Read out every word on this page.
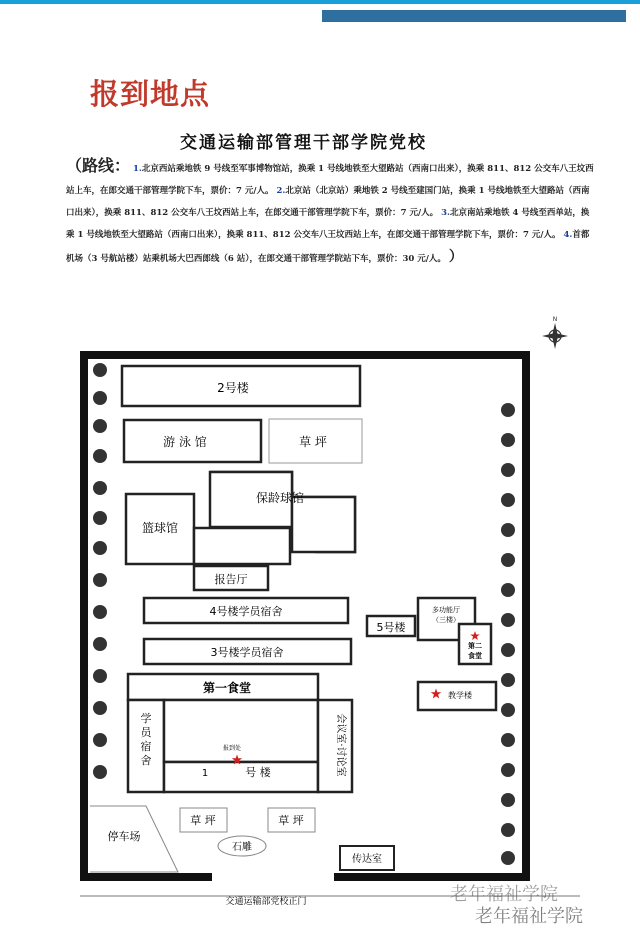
报到地点
交通运输部管理干部学院党校
（路线： 1.北京西站乘地铁 9 号线至军事博物馆站，换乘 1 号线地铁至大望路站（西南口出来），换乘 811、812 公交车八王坟西站上车，在郎交通干部管理学院下车，票价：7 元/人。 2.北京站（北京站）乘地铁 2 号线至建国门站，换乘 1 号线地铁至大望路站（西南口出来），换乘 811、812 公交车八王坟西站上车，在郎交通干部管理学院下车，票价：7 元/人。 3.北京南站乘地铁 4 号线至西单站，换乘 1 号线地铁至大望路站（西南口出来），换乘 811、812 公交车八王坟西站上车，在郎交通干部管理学院下车，票价：7 元/人。 4.首都机场（3 号航站楼）站乘机场大巴西郎线（6 站），在郎交通干部管理学院站下车，票价：30 元/人。 ）
N
2号楼
游 泳 馆	草 坪
保龄球馆
篮球馆
报告厅
4号楼学员宿舍
3号楼学员宿舍
5号楼
多功能厅
（三楼）
第二
食堂
教学楼
第一食堂
学
员
宿
舍
报到处
1	号 楼	会议室·讨论室
草 坪	草 坪
停车场
石雕
传达室
交通运输部党校正门	老年福祉学院
老年福祉学院
